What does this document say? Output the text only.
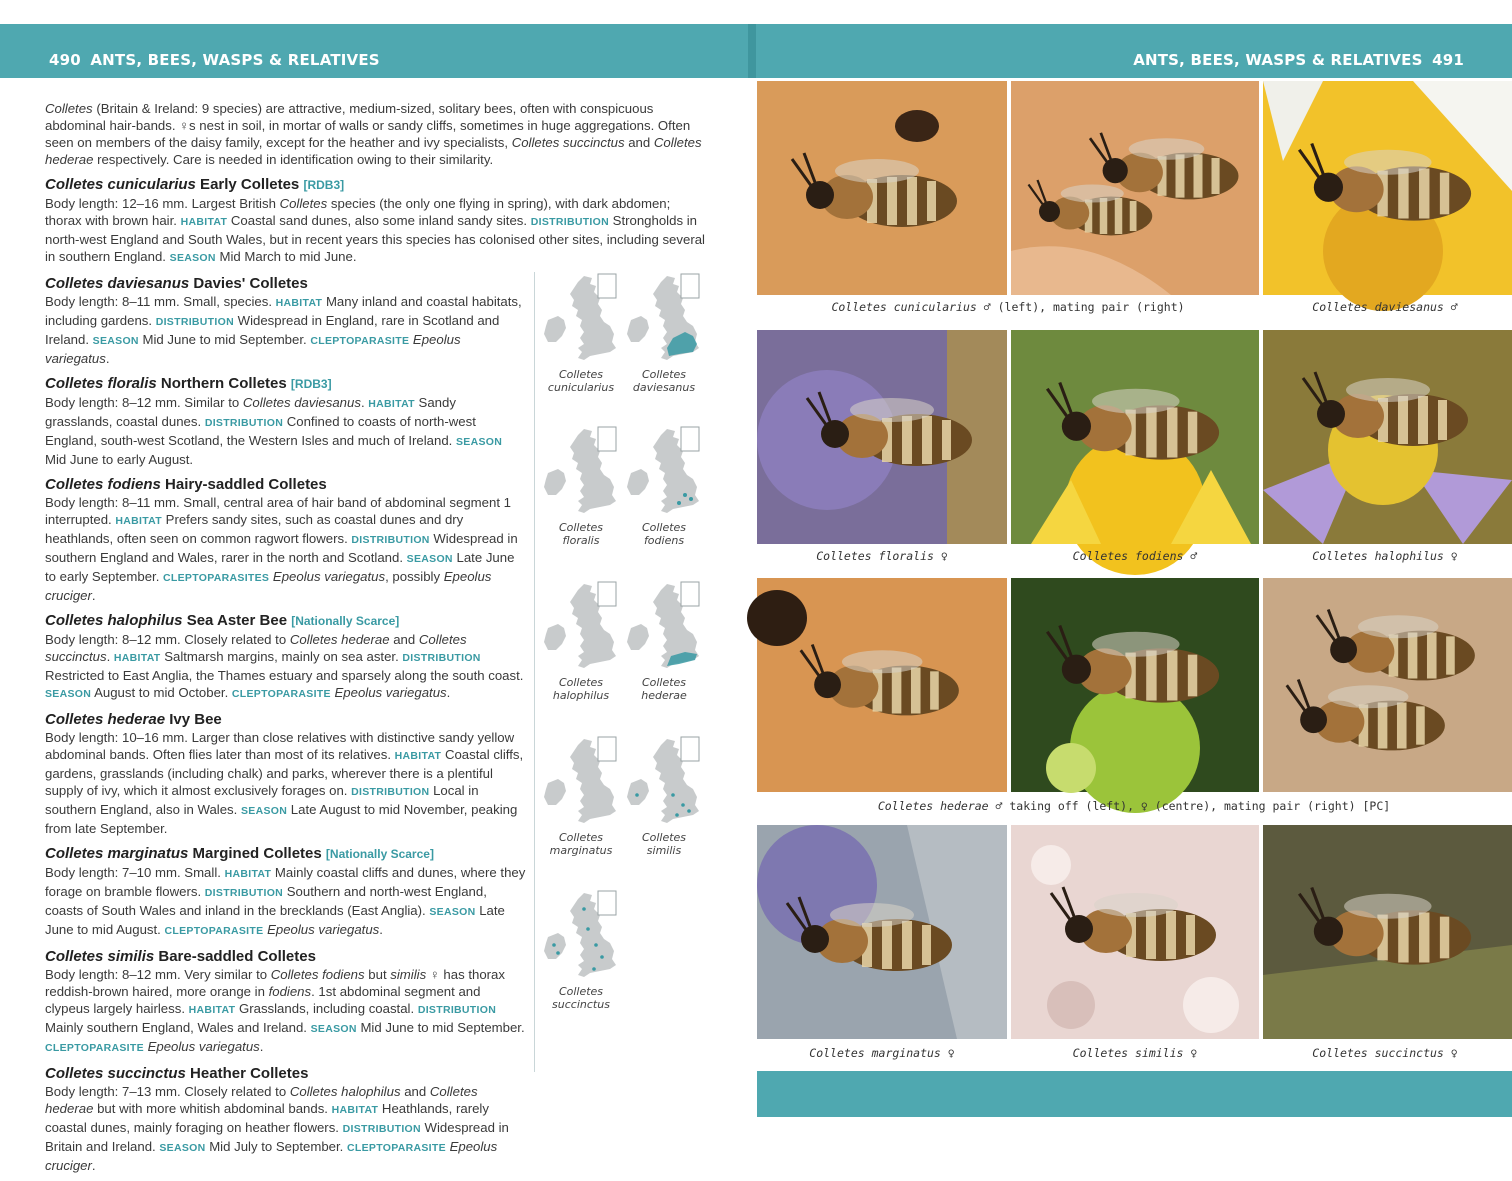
490 ANTS, BEES, WASPS & RELATIVES	ANTS, BEES, WASPS & RELATIVES 491

Colletes (Britain & Ireland: 9 species) are attractive, medium-sized, solitary bees, often with conspicuous abdominal hair-bands. ♀s nest in soil, in mortar of walls or sandy cliffs, sometimes in huge aggregations. Often seen on members of the daisy family, except for the heather and ivy specialists, Colletes succinctus and Colletes hederae respectively. Care is needed in identification owing to their similarity.

Colletes cunicularius Early Colletes [RDB3]

Body length: 12–16 mm. Largest British Colletes species (the only one flying in spring), with dark abdomen; thorax with brown hair. HABITAT Coastal sand dunes, also some inland sandy sites. DISTRIBUTION Strongholds in north-west England and South Wales, but in recent years this species has colonised other sites, including several in southern England. SEASON Mid March to mid June.

Colletes daviesanus Davies' Colletes

Body length: 8–11 mm. Small, species. HABITAT Many inland and coastal habitats, including gardens. DISTRIBUTION Widespread in England, rare in Scotland and Ireland. SEASON Mid June to mid September. CLEPTOPARASITE Epeolus variegatus.

Colletes floralis Northern Colletes [RDB3]

Body length: 8–12 mm. Similar to Colletes daviesanus. HABITAT Sandy grasslands, coastal dunes. DISTRIBUTION Confined to coasts of north-west England, south-west Scotland, the Western Isles and much of Ireland. SEASON Mid June to early August.

Colletes fodiens Hairy-saddled Colletes

Body length: 8–11 mm. Small, central area of hair band of abdominal segment 1 interrupted. HABITAT Prefers sandy sites, such as coastal dunes and dry heathlands, often seen on common ragwort flowers. DISTRIBUTION Widespread in southern England and Wales, rarer in the north and Scotland. SEASON Late June to early September. CLEPTOPARASITES Epeolus variegatus, possibly Epeolus cruciger.

Colletes halophilus Sea Aster Bee [Nationally Scarce]

Body length: 8–12 mm. Closely related to Colletes hederae and Colletes succinctus. HABITAT Saltmarsh margins, mainly on sea aster. DISTRIBUTION Restricted to East Anglia, the Thames estuary and sparsely along the south coast. SEASON August to mid October. CLEPTOPARASITE Epeolus variegatus.

Colletes hederae Ivy Bee

Body length: 10–16 mm. Larger than close relatives with distinctive sandy yellow abdominal bands. Often flies later than most of its relatives. HABITAT Coastal cliffs, gardens, grasslands (including chalk) and parks, wherever there is a plentiful supply of ivy, which it almost exclusively forages on. DISTRIBUTION Local in southern England, also in Wales. SEASON Late August to mid November, peaking from late September.

Colletes marginatus Margined Colletes [Nationally Scarce]

Body length: 7–10 mm. Small. HABITAT Mainly coastal cliffs and dunes, where they forage on bramble flowers. DISTRIBUTION Southern and north-west England, coasts of South Wales and inland in the brecklands (East Anglia). SEASON Late June to mid August. CLEPTOPARASITE Epeolus variegatus.

Colletes similis Bare-saddled Colletes

Body length: 8–12 mm. Very similar to Colletes fodiens but similis ♀ has thorax reddish-brown haired, more orange in fodiens. 1st abdominal segment and clypeus largely hairless. HABITAT Grasslands, including coastal. DISTRIBUTION Mainly southern England, Wales and Ireland. SEASON Mid June to mid September. CLEPTOPARASITE Epeolus variegatus.

Colletes succinctus Heather Colletes

Body length: 7–13 mm. Closely related to Colletes halophilus and Colletes hederae but with more whitish abdominal bands. HABITAT Heathlands, rarely coastal dunes, mainly foraging on heather flowers. DISTRIBUTION Widespread in Britain and Ireland. SEASON Mid July to September. CLEPTOPARASITE Epeolus cruciger.

Colletes
cunicularius
Colletes
daviesanus
Colletes
floralis
Colletes
fodiens
Colletes
halophilus
Colletes
hederae
Colletes
marginatus
Colletes
similis
Colletes
succinctus
Colletes cunicularius ♂ (left), mating pair (right)	Colletes daviesanus ♂
Colletes floralis ♀	Colletes fodiens ♂	Colletes halophilus ♀
Colletes hederae ♂ taking off (left), ♀ (centre), mating pair (right) [PC]
Colletes marginatus ♀	Colletes similis ♀	Colletes succinctus ♀
